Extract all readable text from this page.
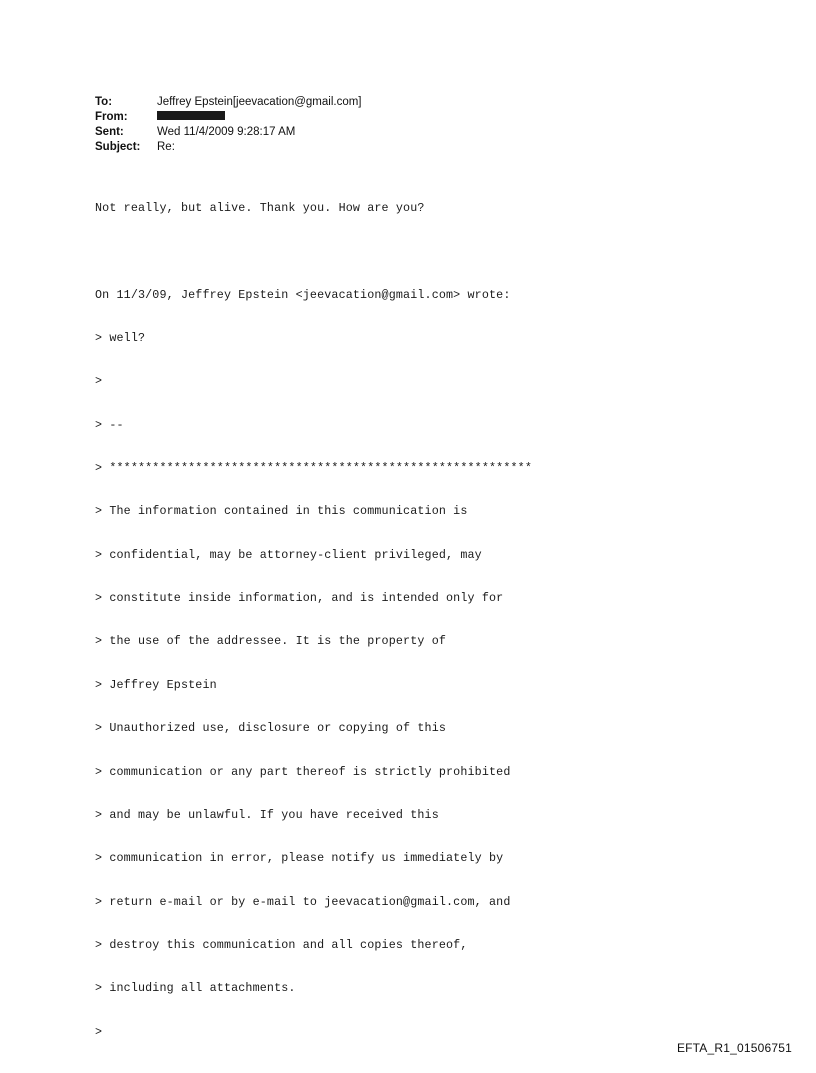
To:	Jeffrey Epstein[jeevacation@gmail.com]
From:
Sent:	Wed 11/4/2009 9:28:17 AM
Subject:	Re:

Not really, but alive. Thank you. How are you?

On 11/3/09, Jeffrey Epstein <jeevacation@gmail.com> wrote:

> well?

>

> --

> ***********************************************************

> The information contained in this communication is

> confidential, may be attorney-client privileged, may

> constitute inside information, and is intended only for

> the use of the addressee. It is the property of

> Jeffrey Epstein

> Unauthorized use, disclosure or copying of this

> communication or any part thereof is strictly prohibited

> and may be unlawful. If you have received this

> communication in error, please notify us immediately by

> return e-mail or by e-mail to jeevacation@gmail.com, and

> destroy this communication and all copies thereof,

> including all attachments.

>

EFTA_R1_01506751
